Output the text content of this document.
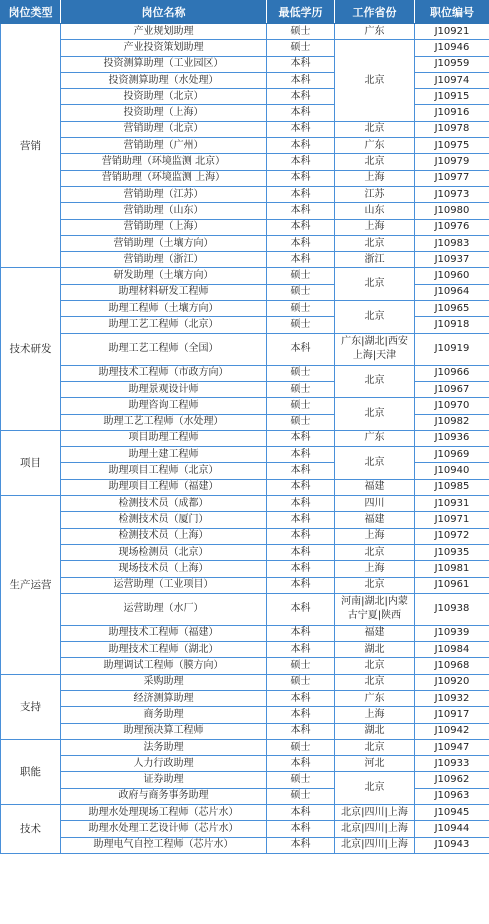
岗位类型	岗位名称	最低学历	工作省份	职位编号
营销	产业规划助理	硕士	广东	J10921
	产业投资策划助理	硕士	北京	J10946
	投资测算助理（工业园区）	本科		J10959
	投资测算助理（水处理）	本科		J10974
	投资助理（北京）	本科		J10915
	投资助理（上海）	本科		J10916
	营销助理（北京）	本科	北京	J10978
	营销助理（广州）	本科	广东	J10975
	营销助理（环境监测 北京）	本科	北京	J10979
	营销助理（环境监测 上海）	本科	上海	J10977
	营销助理（江苏）	本科	江苏	J10973
	营销助理（山东）	本科	山东	J10980
	营销助理（上海）	本科	上海	J10976
	营销助理（土壤方向）	本科	北京	J10983
	营销助理（浙江）	本科	浙江	J10937
技术研发	研发助理（土壤方向）	硕士	北京	J10960
	助理材料研发工程师	硕士		J10964
	助理工程师（土壤方向）	硕士	北京	J10965
	助理工艺工程师（北京）	硕士		J10918
	助理工艺工程师（全国）	本科	广东|湖北|西安上海|天津	J10919
	助理技术工程师（市政方向）	硕士	北京	J10966
	助理景观设计师	硕士		J10967
	助理咨询工程师	硕士	北京	J10970
	助理工艺工程师（水处理）	硕士		J10982
项目	项目助理工程师	本科	广东	J10936
	助理土建工程师	本科	北京	J10969
	助理项目工程师（北京）	本科		J10940
	助理项目工程师（福建）	本科	福建	J10985
生产运营	检测技术员（成都）	本科	四川	J10931
	检测技术员（厦门）	本科	福建	J10971
	检测技术员（上海）	本科	上海	J10972
	现场检测员（北京）	本科	北京	J10935
	现场技术员（上海）	本科	上海	J10981
	运营助理（工业项目）	本科	北京	J10961
	运营助理（水厂）	本科	河南|湖北|内蒙古宁夏|陕西	J10938
	助理技术工程师（福建）	本科	福建	J10939
	助理技术工程师（湖北）	本科	湖北	J10984
	助理调试工程师（膜方向）	硕士	北京	J10968
支持	采购助理	硕士	北京	J10920
	经济测算助理	本科	广东	J10932
	商务助理	本科	上海	J10917
	助理预决算工程师	本科	湖北	J10942
职能	法务助理	硕士	北京	J10947
	人力行政助理	本科	河北	J10933
	证券助理	硕士	北京	J10962
	政府与商务事务助理	硕士		J10963
技术	助理水处理现场工程师（芯片水）	本科	北京|四川|上海	J10945
	助理水处理工艺设计师（芯片水）	本科	北京|四川|上海	J10944
	助理电气自控工程师（芯片水）	本科	北京|四川|上海	J10943
